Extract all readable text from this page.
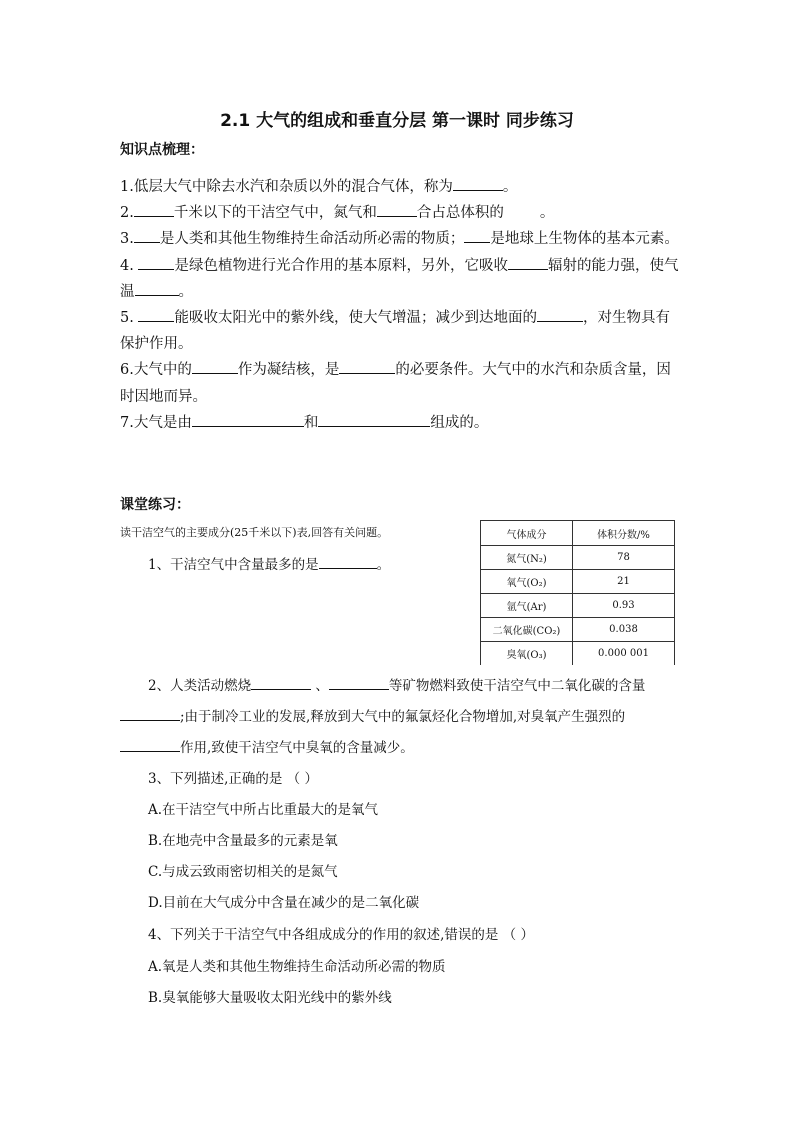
2.1 大气的组成和垂直分层 第一课时 同步练习
知识点梳理：

1.低层大气中除去水汽和杂质以外的混合气体，称为	。

2.	千米以下的干洁空气中，氮气和	合占总体积的 。

3. 是人类和其他生物维持生命活动所必需的物质； 是地球上生物体的基本元素。

4. 是绿色植物进行光合作用的基本原料，另外，它吸收	辐射的能力强，使气温	。

5. 能吸收太阳光中的紫外线，使大气增温；减少到达地面的	，对生物具有保护作用。

6.大气中的	作为凝结核，是	的必要条件。大气中的水汽和杂质含量，因时因地而异。

7.大气是由	和	组成的。

课堂练习：
读干洁空气的主要成分(25千米以下)表,回答有关问题。	气体成分	体积分数/%
氮气(N₂)	78
氧气(O₂)	21
氩气(Ar)	0.93
二氧化碳(CO₂)	0.038
臭氧(O₃)	0.000 001
1、干洁空气中含量最多的是	。

2、人类活动燃烧	、	等矿物燃料致使干洁空气中二氧化碳的含量

;由于制冷工业的发展,释放到大气中的氟氯烃化合物增加,对臭氧产生强烈的

作用,致使干洁空气中臭氧的含量减少。

3、下列描述,正确的是 （ ）
A.在干洁空气中所占比重最大的是氧气
B.在地壳中含量最多的元素是氧
C.与成云致雨密切相关的是氮气
D.目前在大气成分中含量在减少的是二氧化碳
4、下列关于干洁空气中各组成成分的作用的叙述,错误的是 （ ）
A.氧是人类和其他生物维持生命活动所必需的物质
B.臭氧能够大量吸收太阳光线中的紫外线
